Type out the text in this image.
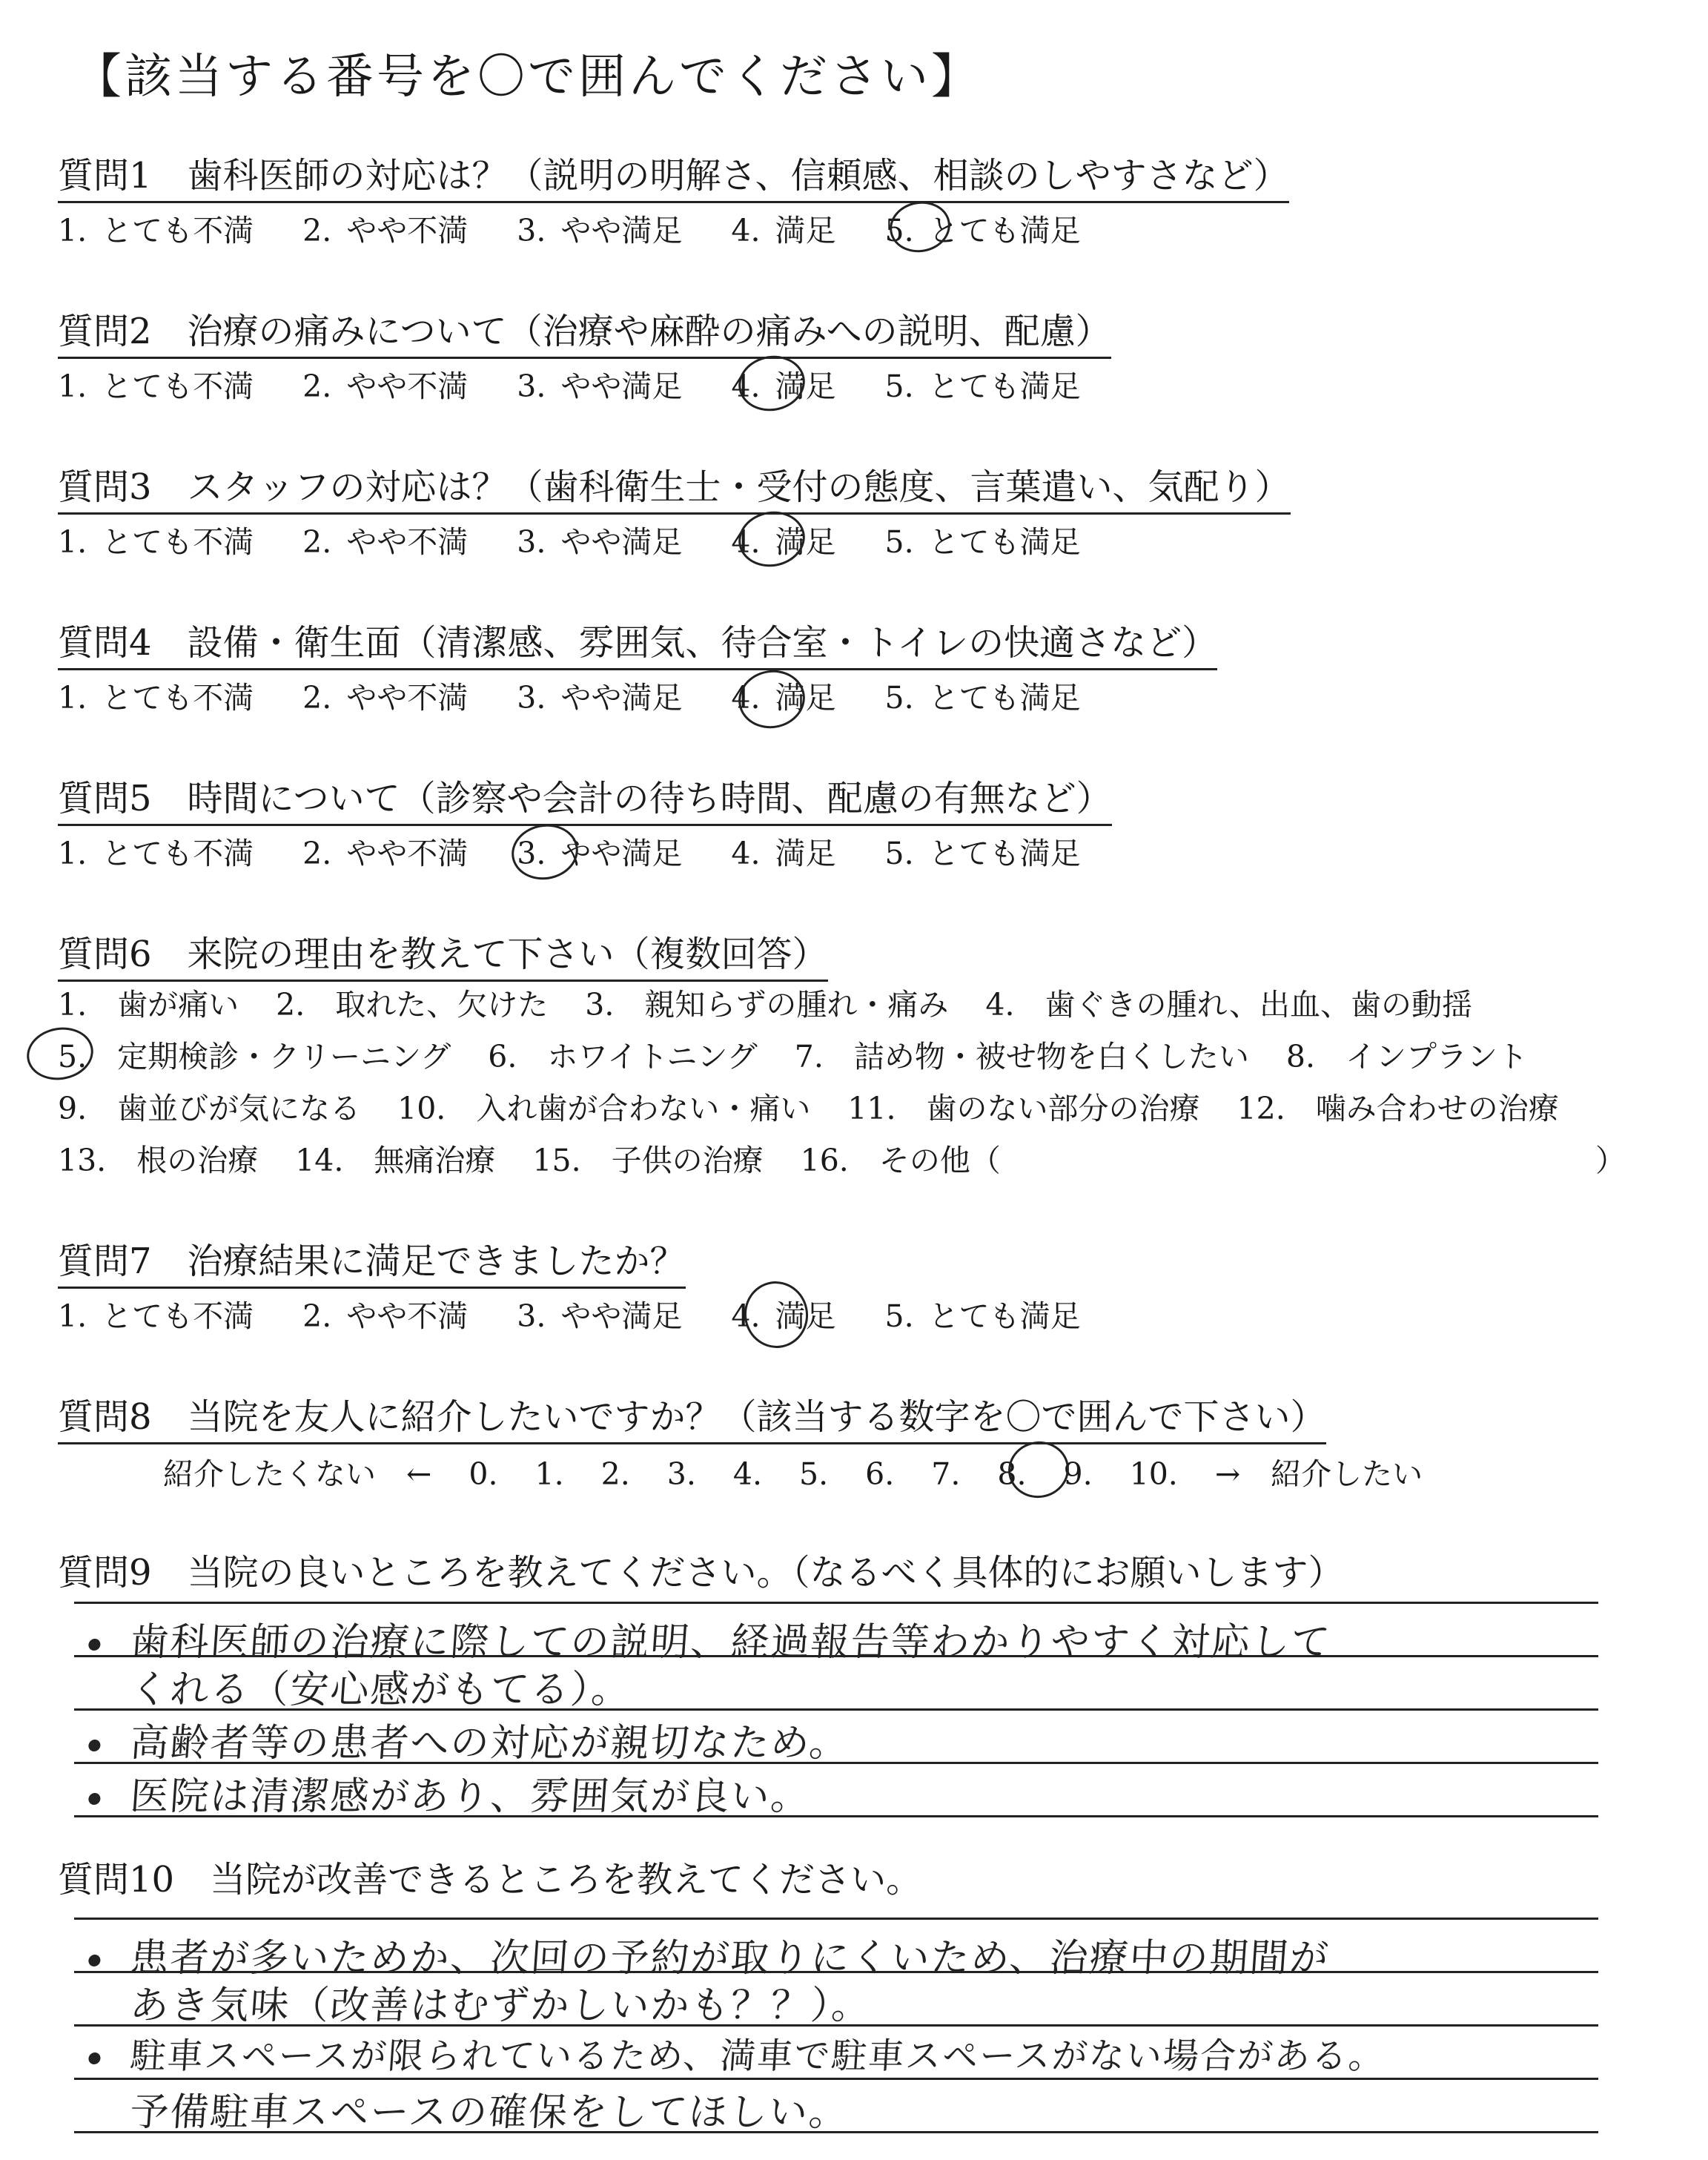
【該当する番号を〇で囲んでください】
質問1　歯科医師の対応は？（説明の明解さ、信頼感、相談のしやすさなど）
1. とても不満 2. やや不満 3. やや満足 4. 満足 5. とても満足
質問2　治療の痛みについて（治療や麻酔の痛みへの説明、配慮）
1. とても不満 2. やや不満 3. やや満足 4. 満足 5. とても満足
質問3　スタッフの対応は？（歯科衛生士・受付の態度、言葉遣い、気配り）
1. とても不満 2. やや不満 3. やや満足 4. 満足 5. とても満足
質問4　設備・衛生面（清潔感、雰囲気、待合室・トイレの快適さなど）
1. とても不満 2. やや不満 3. やや満足 4. 満足 5. とても満足
質問5　時間について（診察や会計の待ち時間、配慮の有無など）
1. とても不満 2. やや不満 3. やや満足 4. 満足 5. とても満足
質問6　来院の理由を教えて下さい（複数回答）
1.　歯が痛い 2.　取れた、欠けた 3.　親知らずの腫れ・痛み 4.　歯ぐきの腫れ、出血、歯の動揺
5.　定期検診・クリーニング 6.　ホワイトニング 7.　詰め物・被せ物を白くしたい 8.　インプラント
9.　歯並びが気になる 10.　入れ歯が合わない・痛い 11.　歯のない部分の治療 12.　噛み合わせの治療
13.　根の治療 14.　無痛治療 15.　子供の治療 16.　その他（	）
質問7　治療結果に満足できましたか？
1. とても不満 2. やや不満 3. やや満足 4. 満足 5. とても満足
質問8　当院を友人に紹介したいですか？（該当する数字を〇で囲んで下さい）
紹介したくない　← 0. 1. 2. 3. 4. 5. 6. 7. 8. 9. 10. →　紹介したい
質問9　当院の良いところを教えてください。（なるべく具体的にお願いします）
歯科医師の治療に際しての説明、経過報告等わかりやすく対応して
くれる（安心感がもてる）。
高齢者等の患者への対応が親切なため。
医院は清潔感があり、雰囲気が良い。
質問10　当院が改善できるところを教えてください。
患者が多いためか、次回の予約が取りにくいため、治療中の期間が
あき気味（改善はむずかしいかも？？）。
駐車スペースが限られているため、満車で駐車スペースがない場合がある。
予備駐車スペースの確保をしてほしい。
